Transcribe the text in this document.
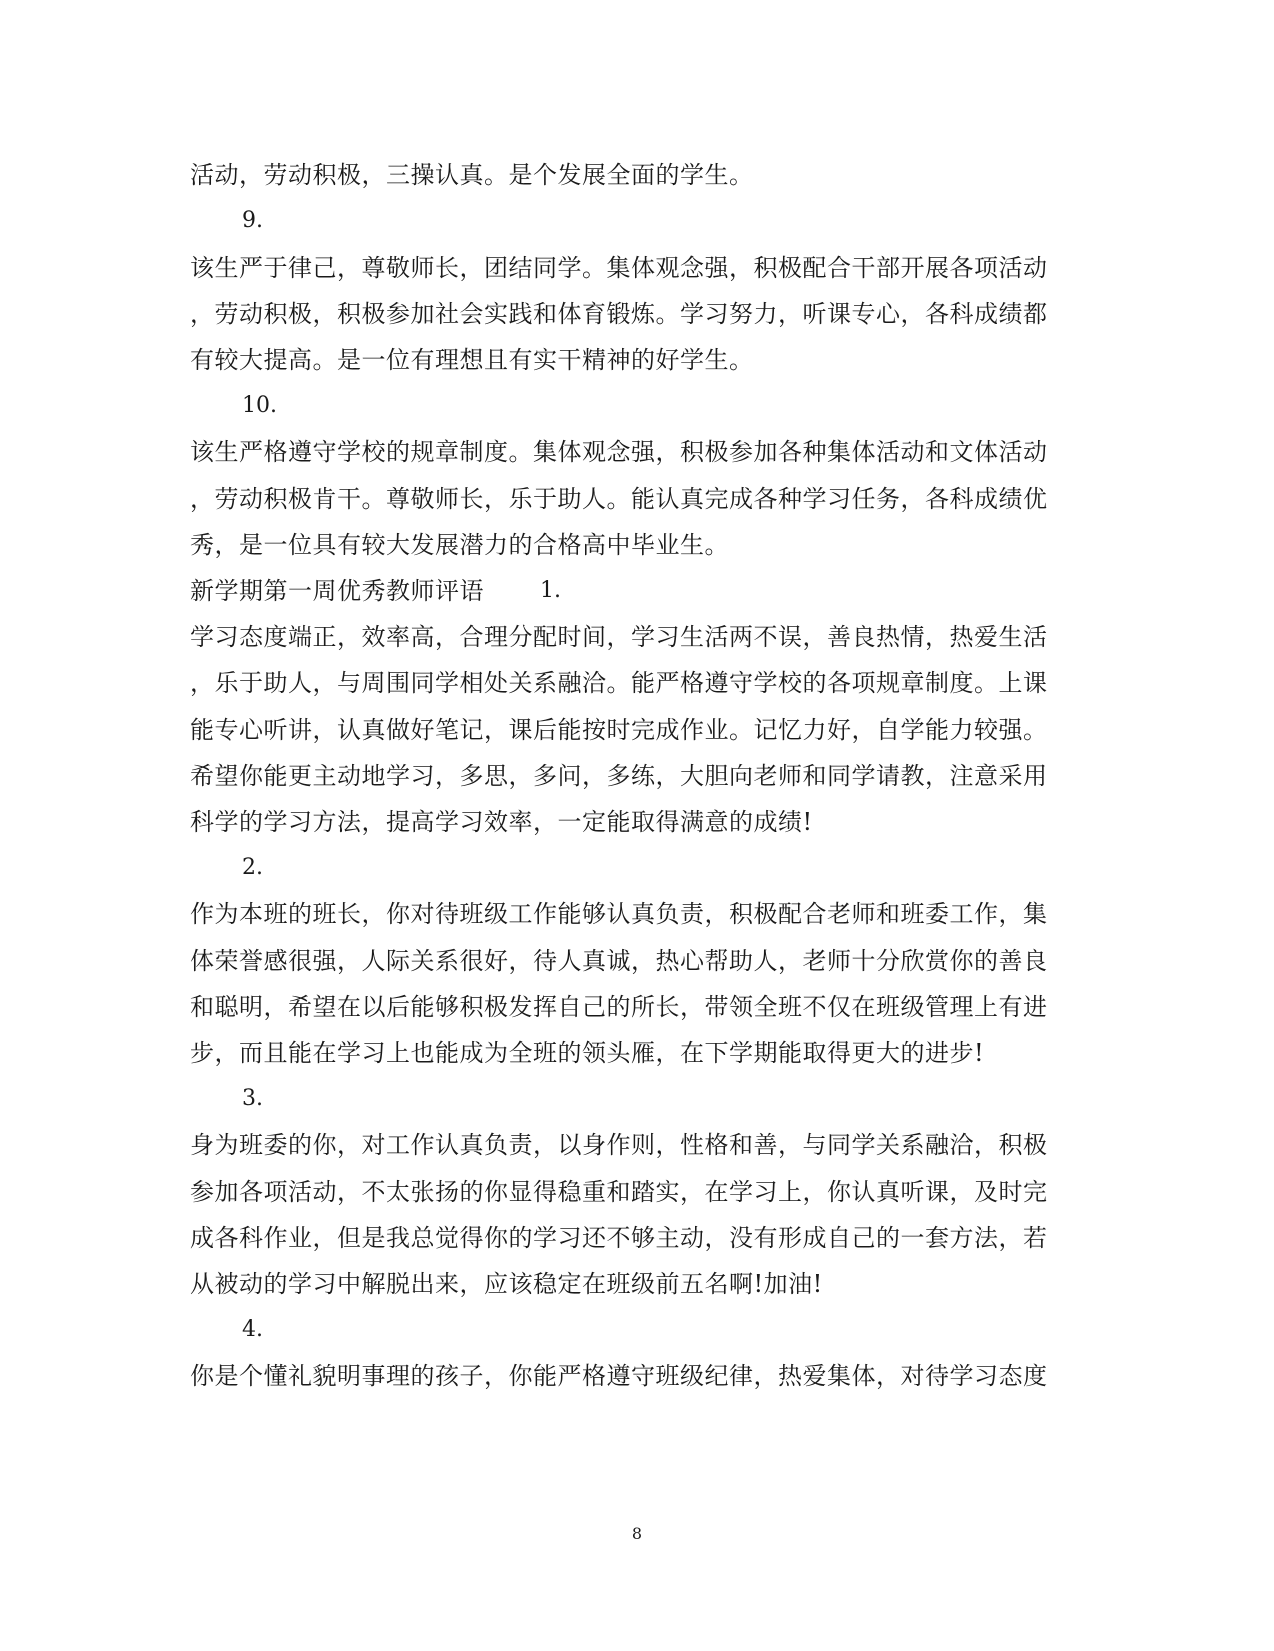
活动，劳动积极，三操认真。是个发展全面的学生。
9.
该生严于律己，尊敬师长，团结同学。集体观念强，积极配合干部开展各项活动
，劳动积极，积极参加社会实践和体育锻炼。学习努力，听课专心，各科成绩都
有较大提高。是一位有理想且有实干精神的好学生。
10.
该生严格遵守学校的规章制度。集体观念强，积极参加各种集体活动和文体活动
，劳动积极肯干。尊敬师长，乐于助人。能认真完成各种学习任务，各科成绩优
秀，是一位具有较大发展潜力的合格高中毕业生。
新学期第一周优秀教师评语	1.
学习态度端正，效率高，合理分配时间，学习生活两不误，善良热情，热爱生活
，乐于助人，与周围同学相处关系融洽。能严格遵守学校的各项规章制度。上课
能专心听讲，认真做好笔记，课后能按时完成作业。记忆力好，自学能力较强。
希望你能更主动地学习，多思，多问，多练，大胆向老师和同学请教，注意采用
科学的学习方法，提高学习效率，一定能取得满意的成绩!
2.
作为本班的班长，你对待班级工作能够认真负责，积极配合老师和班委工作，集
体荣誉感很强，人际关系很好，待人真诚，热心帮助人，老师十分欣赏你的善良
和聪明，希望在以后能够积极发挥自己的所长，带领全班不仅在班级管理上有进
步，而且能在学习上也能成为全班的领头雁，在下学期能取得更大的进步!
3.
身为班委的你，对工作认真负责，以身作则，性格和善，与同学关系融洽，积极
参加各项活动，不太张扬的你显得稳重和踏实，在学习上，你认真听课，及时完
成各科作业，但是我总觉得你的学习还不够主动，没有形成自己的一套方法，若
从被动的学习中解脱出来，应该稳定在班级前五名啊!加油!
4.
你是个懂礼貌明事理的孩子，你能严格遵守班级纪律，热爱集体，对待学习态度
8
